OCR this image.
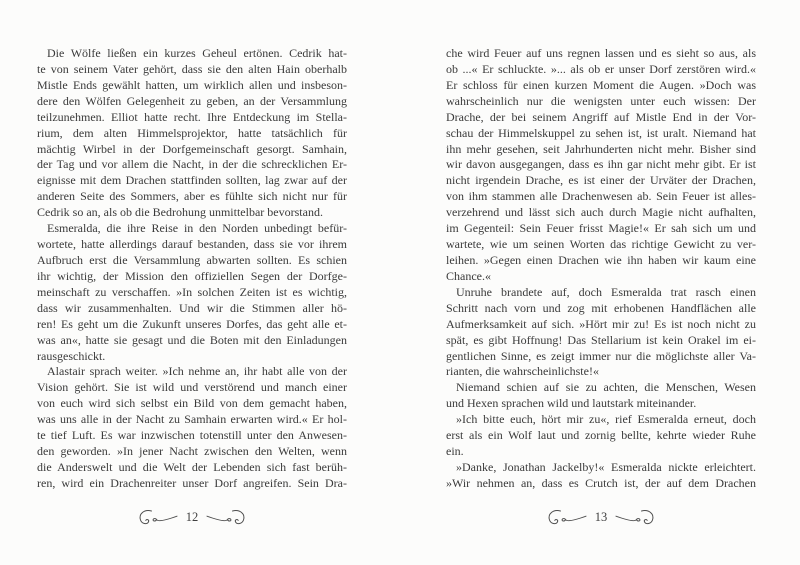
Die Wölfe ließen ein kurzes Geheul ertönen. Cedrik hat-
te von seinem Vater gehört, dass sie den alten Hain oberhalb
Mistle Ends gewählt hatten, um wirklich allen und insbeson-
dere den Wölfen Gelegenheit zu geben, an der Versammlung
teilzunehmen. Elliot hatte recht. Ihre Entdeckung im Stella-
rium, dem alten Himmelsprojektor, hatte tatsächlich für
mächtig Wirbel in der Dorfgemeinschaft gesorgt. Samhain,
der Tag und vor allem die Nacht, in der die schrecklichen Er-
eignisse mit dem Drachen stattfinden sollten, lag zwar auf der
anderen Seite des Sommers, aber es fühlte sich nicht nur für
Cedrik so an, als ob die Bedrohung unmittelbar bevorstand.
Esmeralda, die ihre Reise in den Norden unbedingt befür-
wortete, hatte allerdings darauf bestanden, dass sie vor ihrem
Aufbruch erst die Versammlung abwarten sollten. Es schien
ihr wichtig, der Mission den offiziellen Segen der Dorfge-
meinschaft zu verschaffen. »In solchen Zeiten ist es wichtig,
dass wir zusammenhalten. Und wir die Stimmen aller hö-
ren! Es geht um die Zukunft unseres Dorfes, das geht alle et-
was an«, hatte sie gesagt und die Boten mit den Einladungen
rausgeschickt.
Alastair sprach weiter. »Ich nehme an, ihr habt alle von der
Vision gehört. Sie ist wild und verstörend und manch einer
von euch wird sich selbst ein Bild von dem gemacht haben,
was uns alle in der Nacht zu Samhain erwarten wird.« Er hol-
te tief Luft. Es war inzwischen totenstill unter den Anwesen-
den geworden. »In jener Nacht zwischen den Welten, wenn
die Anderswelt und die Welt der Lebenden sich fast berüh-
ren, wird ein Drachenreiter unser Dorf angreifen. Sein Dra-
che wird Feuer auf uns regnen lassen und es sieht so aus, als
ob ...« Er schluckte. »... als ob er unser Dorf zerstören wird.«
Er schloss für einen kurzen Moment die Augen. »Doch was
wahrscheinlich nur die wenigsten unter euch wissen: Der
Drache, der bei seinem Angriff auf Mistle End in der Vor-
schau der Himmelskuppel zu sehen ist, ist uralt. Niemand hat
ihn mehr gesehen, seit Jahrhunderten nicht mehr. Bisher sind
wir davon ausgegangen, dass es ihn gar nicht mehr gibt. Er ist
nicht irgendein Drache, es ist einer der Urväter der Drachen,
von ihm stammen alle Drachenwesen ab. Sein Feuer ist alles-
verzehrend und lässt sich auch durch Magie nicht aufhalten,
im Gegenteil: Sein Feuer frisst Magie!« Er sah sich um und
wartete, wie um seinen Worten das richtige Gewicht zu ver-
leihen. »Gegen einen Drachen wie ihn haben wir kaum eine
Chance.«
Unruhe brandete auf, doch Esmeralda trat rasch einen
Schritt nach vorn und zog mit erhobenen Handflächen alle
Aufmerksamkeit auf sich. »Hört mir zu! Es ist noch nicht zu
spät, es gibt Hoffnung! Das Stellarium ist kein Orakel im ei-
gentlichen Sinne, es zeigt immer nur die möglichste aller Va-
rianten, die wahrscheinlichste!«
Niemand schien auf sie zu achten, die Menschen, Wesen
und Hexen sprachen wild und lautstark miteinander.
»Ich bitte euch, hört mir zu«, rief Esmeralda erneut, doch
erst als ein Wolf laut und zornig bellte, kehrte wieder Ruhe
ein.
»Danke, Jonathan Jackelby!« Esmeralda nickte erleichtert.
»Wir nehmen an, dass es Crutch ist, der auf dem Drachen
12	13
